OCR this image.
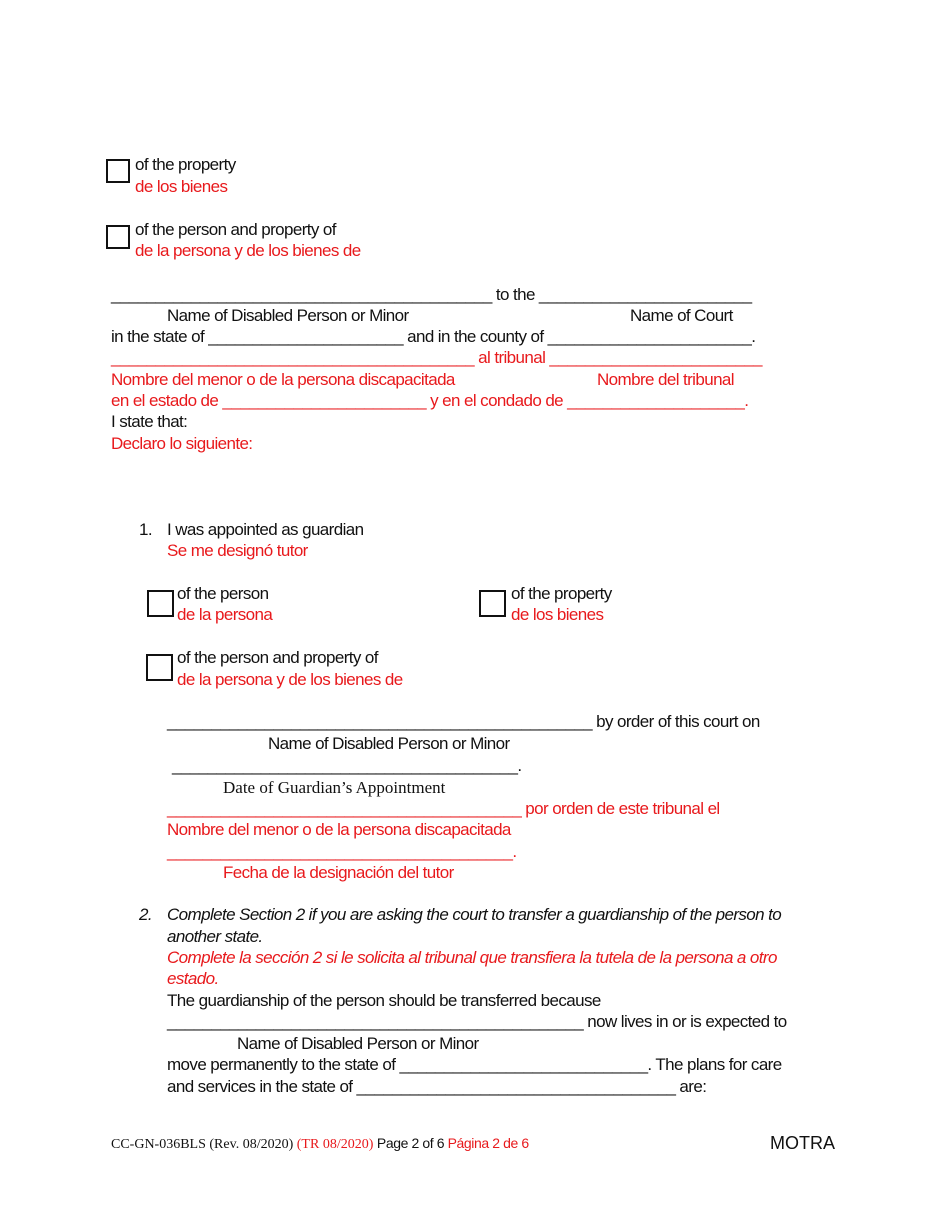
of the property
de los bienes
of the person and property of
de la persona y de los bienes de
___________________________________________ to the ________________________
Name of Disabled Person or Minor	Name of Court
in the state of ______________________ and in the county of _______________________.
_________________________________________ al tribunal ________________________
Nombre del menor o de la persona discapacitada	Nombre del tribunal
en el estado de _______________________ y en el condado de ____________________.
I state that:
Declaro lo siguiente:
1. I was appointed as guardian
Se me designó tutor
of the person
de la persona
of the property
de los bienes
of the person and property of
de la persona y de los bienes de
________________________________________________ by order of this court on
Name of Disabled Person or Minor
_______________________________________.
Date of Guardian’s Appointment
________________________________________ por orden de este tribunal el
Nombre del menor o de la persona discapacitada
_______________________________________.
Fecha de la designación del tutor
2. Complete Section 2 if you are asking the court to transfer a guardianship of the person to
another state.
Complete la sección 2 si le solicita al tribunal que transfiera la tutela de la persona a otro
estado.
The guardianship of the person should be transferred because
_______________________________________________ now lives in or is expected to
Name of Disabled Person or Minor
move permanently to the state of ____________________________. The plans for care
and services in the state of ____________________________________ are:
CC-GN-036BLS (Rev. 08/2020) (TR 08/2020) Page 2 of 6 Página 2 de 6	MOTRA
